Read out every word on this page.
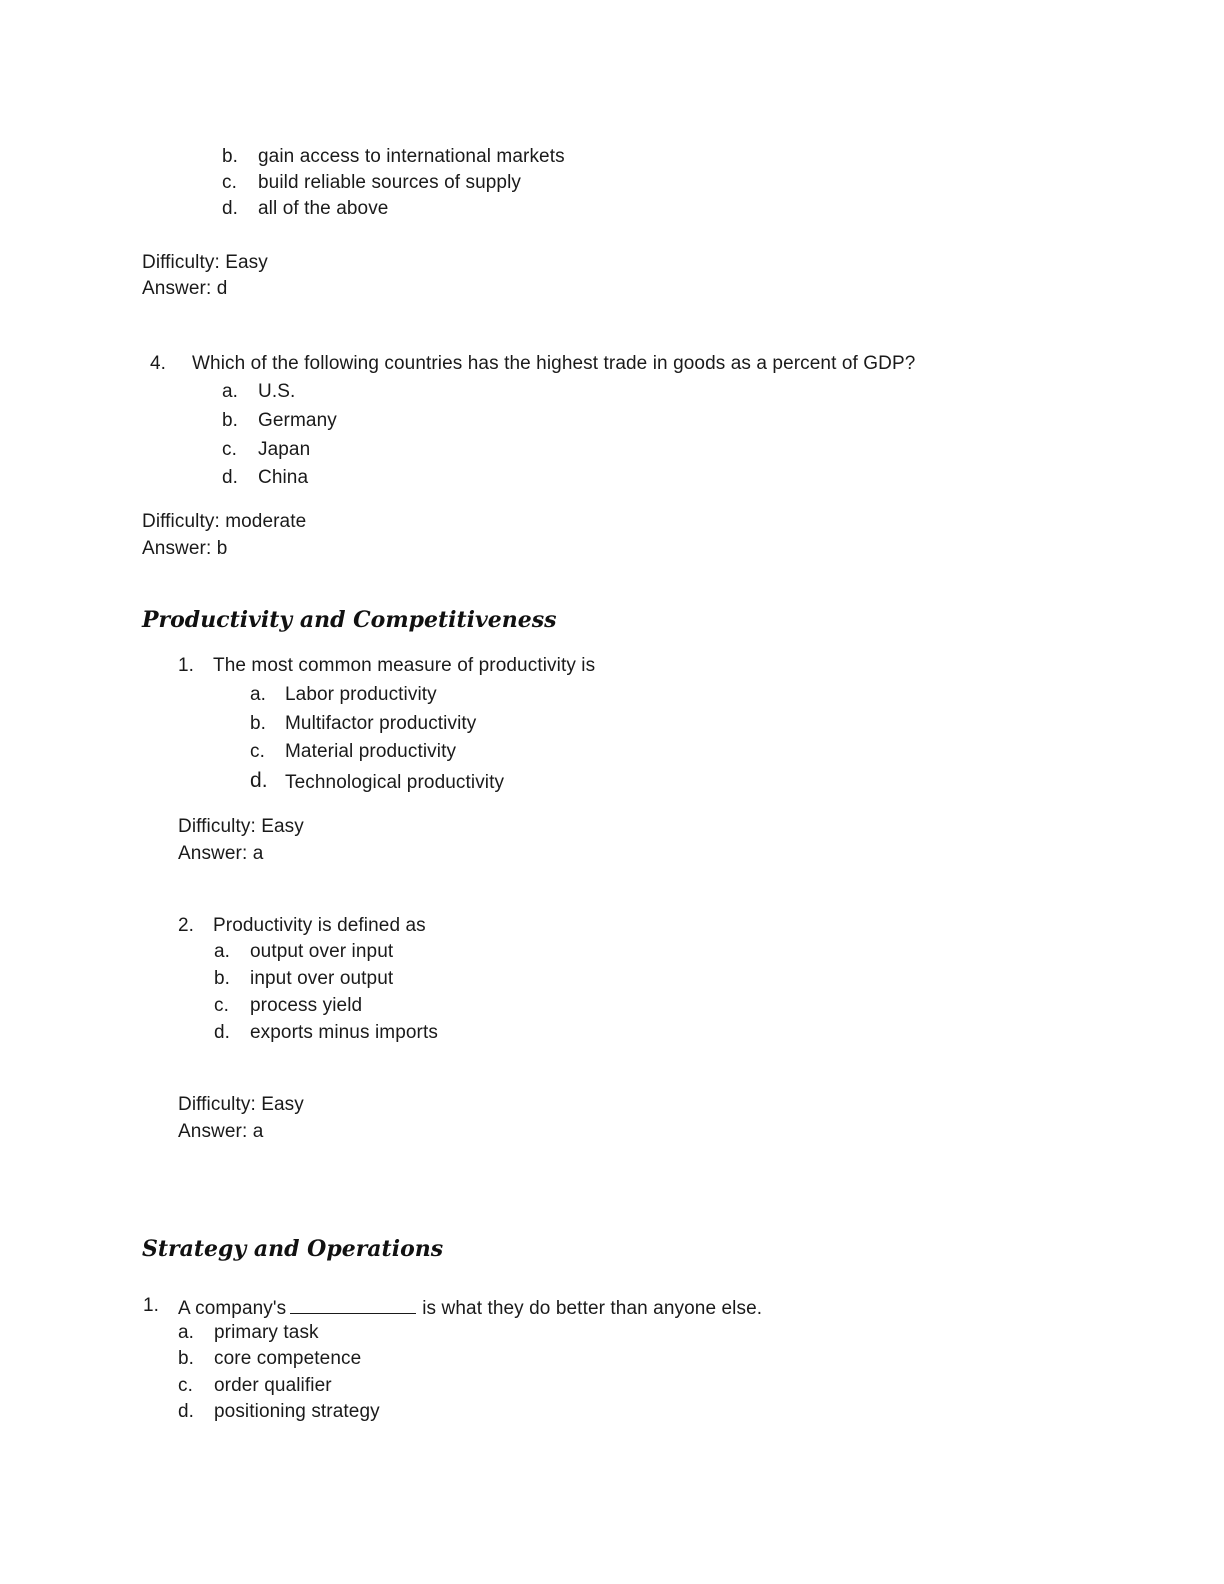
b. gain access to international markets
c. build reliable sources of supply
d. all of the above
Difficulty: Easy
Answer: d
4. Which of the following countries has the highest trade in goods as a percent of GDP?
a. U.S.
b. Germany
c. Japan
d. China
Difficulty: moderate
Answer: b
Productivity and Competitiveness
1. The most common measure of productivity is
a. Labor productivity
b. Multifactor productivity
c. Material productivity
d. Technological productivity
Difficulty: Easy
Answer: a
2. Productivity is defined as
a. output over input
b. input over output
c. process yield
d. exports minus imports
Difficulty: Easy
Answer: a
Strategy and Operations
1. A company's	is what they do better than anyone else.
a. primary task
b. core competence
c. order qualifier
d. positioning strategy
